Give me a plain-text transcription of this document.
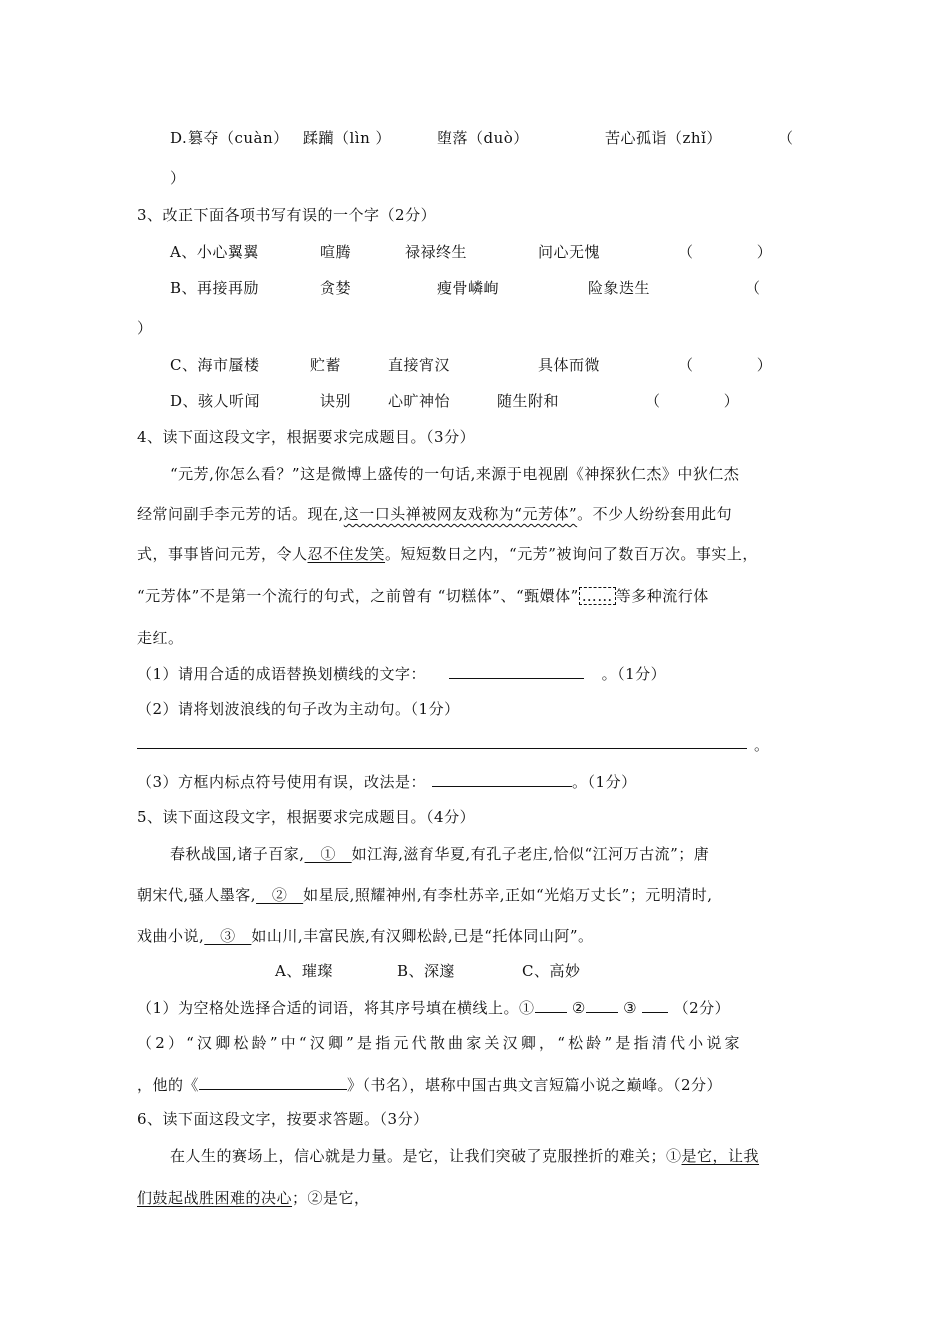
D. 篡夺（cuàn） 蹂躏（lìn ）	堕落（duò）	苦心孤诣（zhǐ）	（
）
3、改正下面各项书写有误的一个字（2分）
A、小心翼翼	喧腾	禄禄终生	问心无愧	（            ）
B、再接再励	贪婪	瘦骨嶙峋	险象迭生	（
）
C、海市蜃楼	贮蓄	直接宵汉	具体而微	（            ）
D、骇人听闻	诀别 心旷神怡	随生附和	（            ）
4、读下面这段文字，根据要求完成题目。（3分）
“元芳,你怎么看？”这是微博上盛传的一句话,来源于电视剧《神探狄仁杰》中狄仁杰
经常问副手李元芳的话。现在,这一口头禅被网友戏称为“元芳体”。不少人纷纷套用此句
式，事事皆问元芳，令人忍不住发笑。短短数日之内，“元芳”被询问了数百万次。事实上，
“元芳体”不是第一个流行的句式，之前曾有 “切糕体”、“甄嬛体” …… 等多种流行体
走红。
（1）请用合适的成语替换划横线的文字：	。（1分）
（2）请将划波浪线的句子改为主动句。（1分）
。
（3）方框内标点符号使用有误，改法是：	。（1分）
5、读下面这段文字，根据要求完成题目。（4分）
春秋战国,诸子百家,   ①   如江海,滋育华夏,有孔子老庄,恰似“江河万古流”；唐
朝宋代,骚人墨客,   ②   如星辰,照耀神州,有李杜苏辛,正如“光焰万丈长”；元明清时,
戏曲小说,   ③   如山川,丰富民族,有汉卿松龄,已是“托体同山阿”。
A、璀璨	B、深邃	C、高妙
（1）为空格处选择合适的词语，将其序号填在横线上。① ② ③ （2分）
（2）“汉卿松龄”中“汉卿”是指元代散曲家关汉卿，“松龄”是指清代小说家
，他的《	》（书名），堪称中国古典文言短篇小说之巅峰。（2分）
6、读下面这段文字，按要求答题。（3分）
在人生的赛场上，信心就是力量。是它，让我们突破了克服挫折的难关；①是它，让我
们鼓起战胜困难的决心；②是它，
